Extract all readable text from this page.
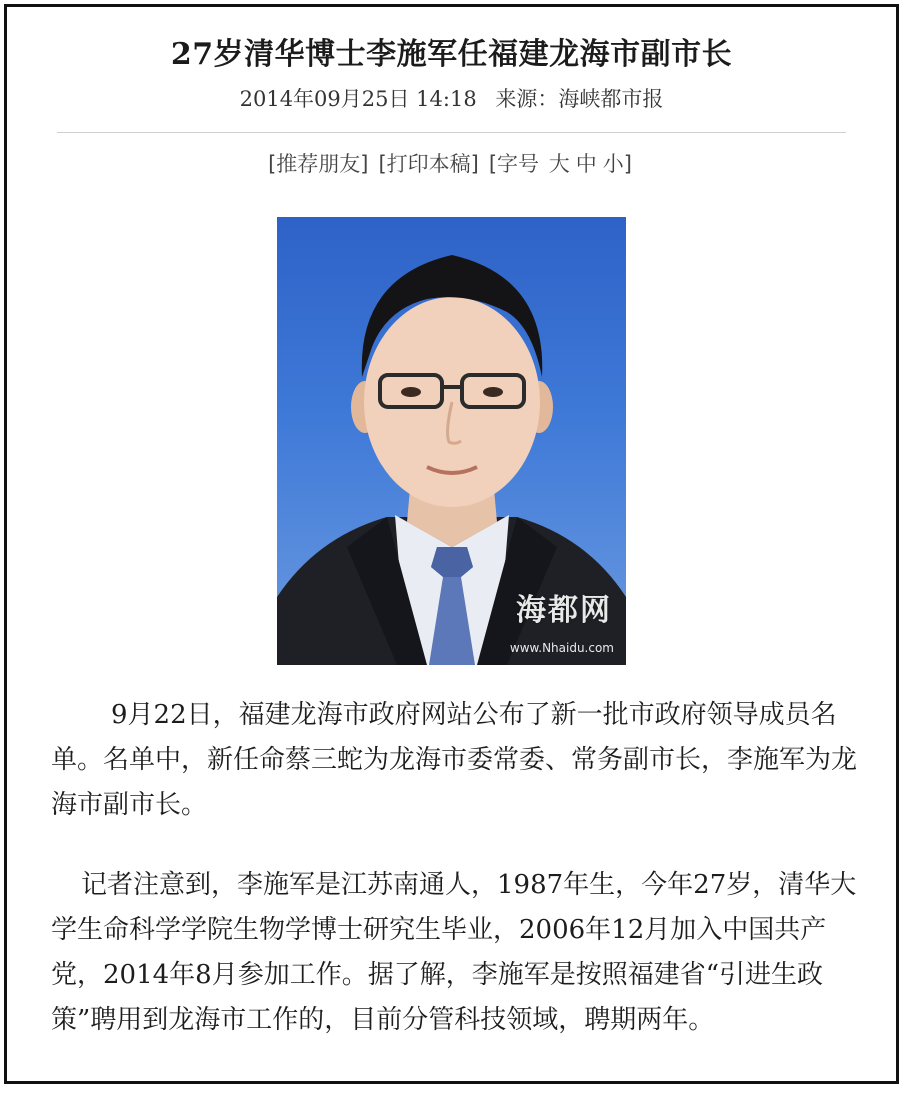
27岁清华博士李施军任福建龙海市副市长
2014年09月25日 14:18 来源：海峡都市报
[推荐朋友] [打印本稿] [字号 大 中 小]
海都网
www.Nhaidu.com

9月22日，福建龙海市政府网站公布了新一批市政府领导成员名单。名单中，新任命蔡三蛇为龙海市委常委、常务副市长，李施军为龙海市副市长。

记者注意到，李施军是江苏南通人，1987年生，今年27岁，清华大学生命科学学院生物学博士研究生毕业，2006年12月加入中国共产党，2014年8月参加工作。据了解，李施军是按照福建省“引进生政策”聘用到龙海市工作的，目前分管科技领域，聘期两年。
